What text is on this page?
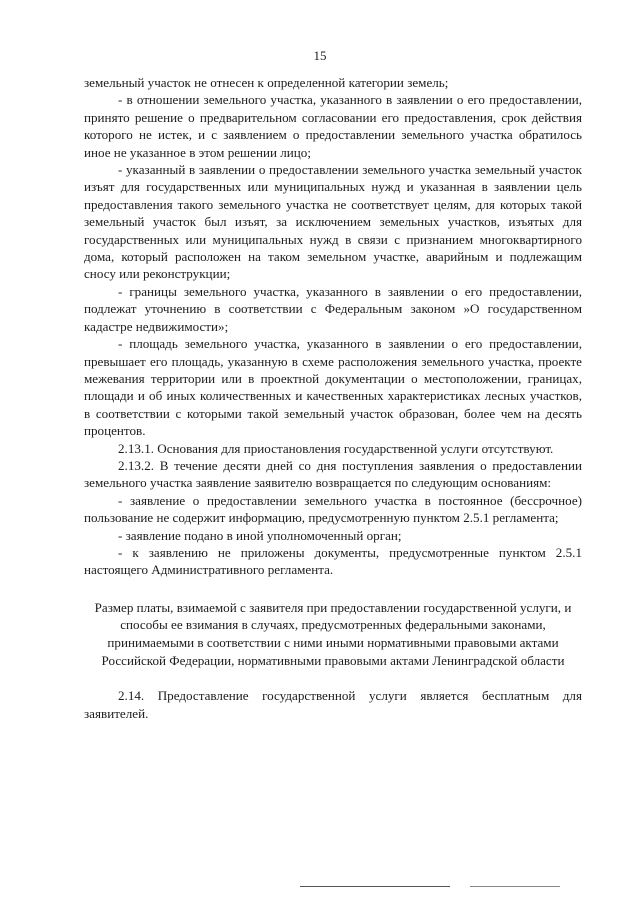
15

земельный участок не отнесен к определенной категории земель;

- в отношении земельного участка, указанного в заявлении о его предоставлении, принято решение о предварительном согласовании его предоставления, срок действия которого не истек, и с заявлением о предоставлении земельного участка обратилось иное не указанное в этом решении лицо;

- указанный в заявлении о предоставлении земельного участка земельный участок изъят для государственных или муниципальных нужд и указанная в заявлении цель предоставления такого земельного участка не соответствует целям, для которых такой земельный участок был изъят, за исключением земельных участков, изъятых для государственных или муниципальных нужд в связи с признанием многоквартирного дома, который расположен на таком земельном участке, аварийным и подлежащим сносу или реконструкции;

- границы земельного участка, указанного в заявлении о его предоставлении, подлежат уточнению в соответствии с Федеральным законом »О государственном кадастре недвижимости»;

- площадь земельного участка, указанного в заявлении о его предоставлении, превышает его площадь, указанную в схеме расположения земельного участка, проекте межевания территории или в проектной документации о местоположении, границах, площади и об иных количественных и качественных характеристиках лесных участков, в соответствии с которыми такой земельный участок образован, более чем на десять процентов.

2.13.1. Основания для приостановления государственной услуги отсутствуют.

2.13.2. В течение десяти дней со дня поступления заявления о предоставлении земельного участка заявление заявителю возвращается по следующим основаниям:

- заявление о предоставлении земельного участка в постоянное (бессрочное) пользование не содержит информацию, предусмотренную пунктом 2.5.1 регламента;

- заявление подано в иной уполномоченный орган;

- к заявлению не приложены документы, предусмотренные пунктом 2.5.1 настоящего Административного регламента.

Размер платы, взимаемой с заявителя при предоставлении государственной услуги, и способы ее взимания в случаях, предусмотренных федеральными законами, принимаемыми в соответствии с ними иными нормативными правовыми актами Российской Федерации, нормативными правовыми актами Ленинградской области

2.14. Предоставление государственной услуги является бесплатным для заявителей.
